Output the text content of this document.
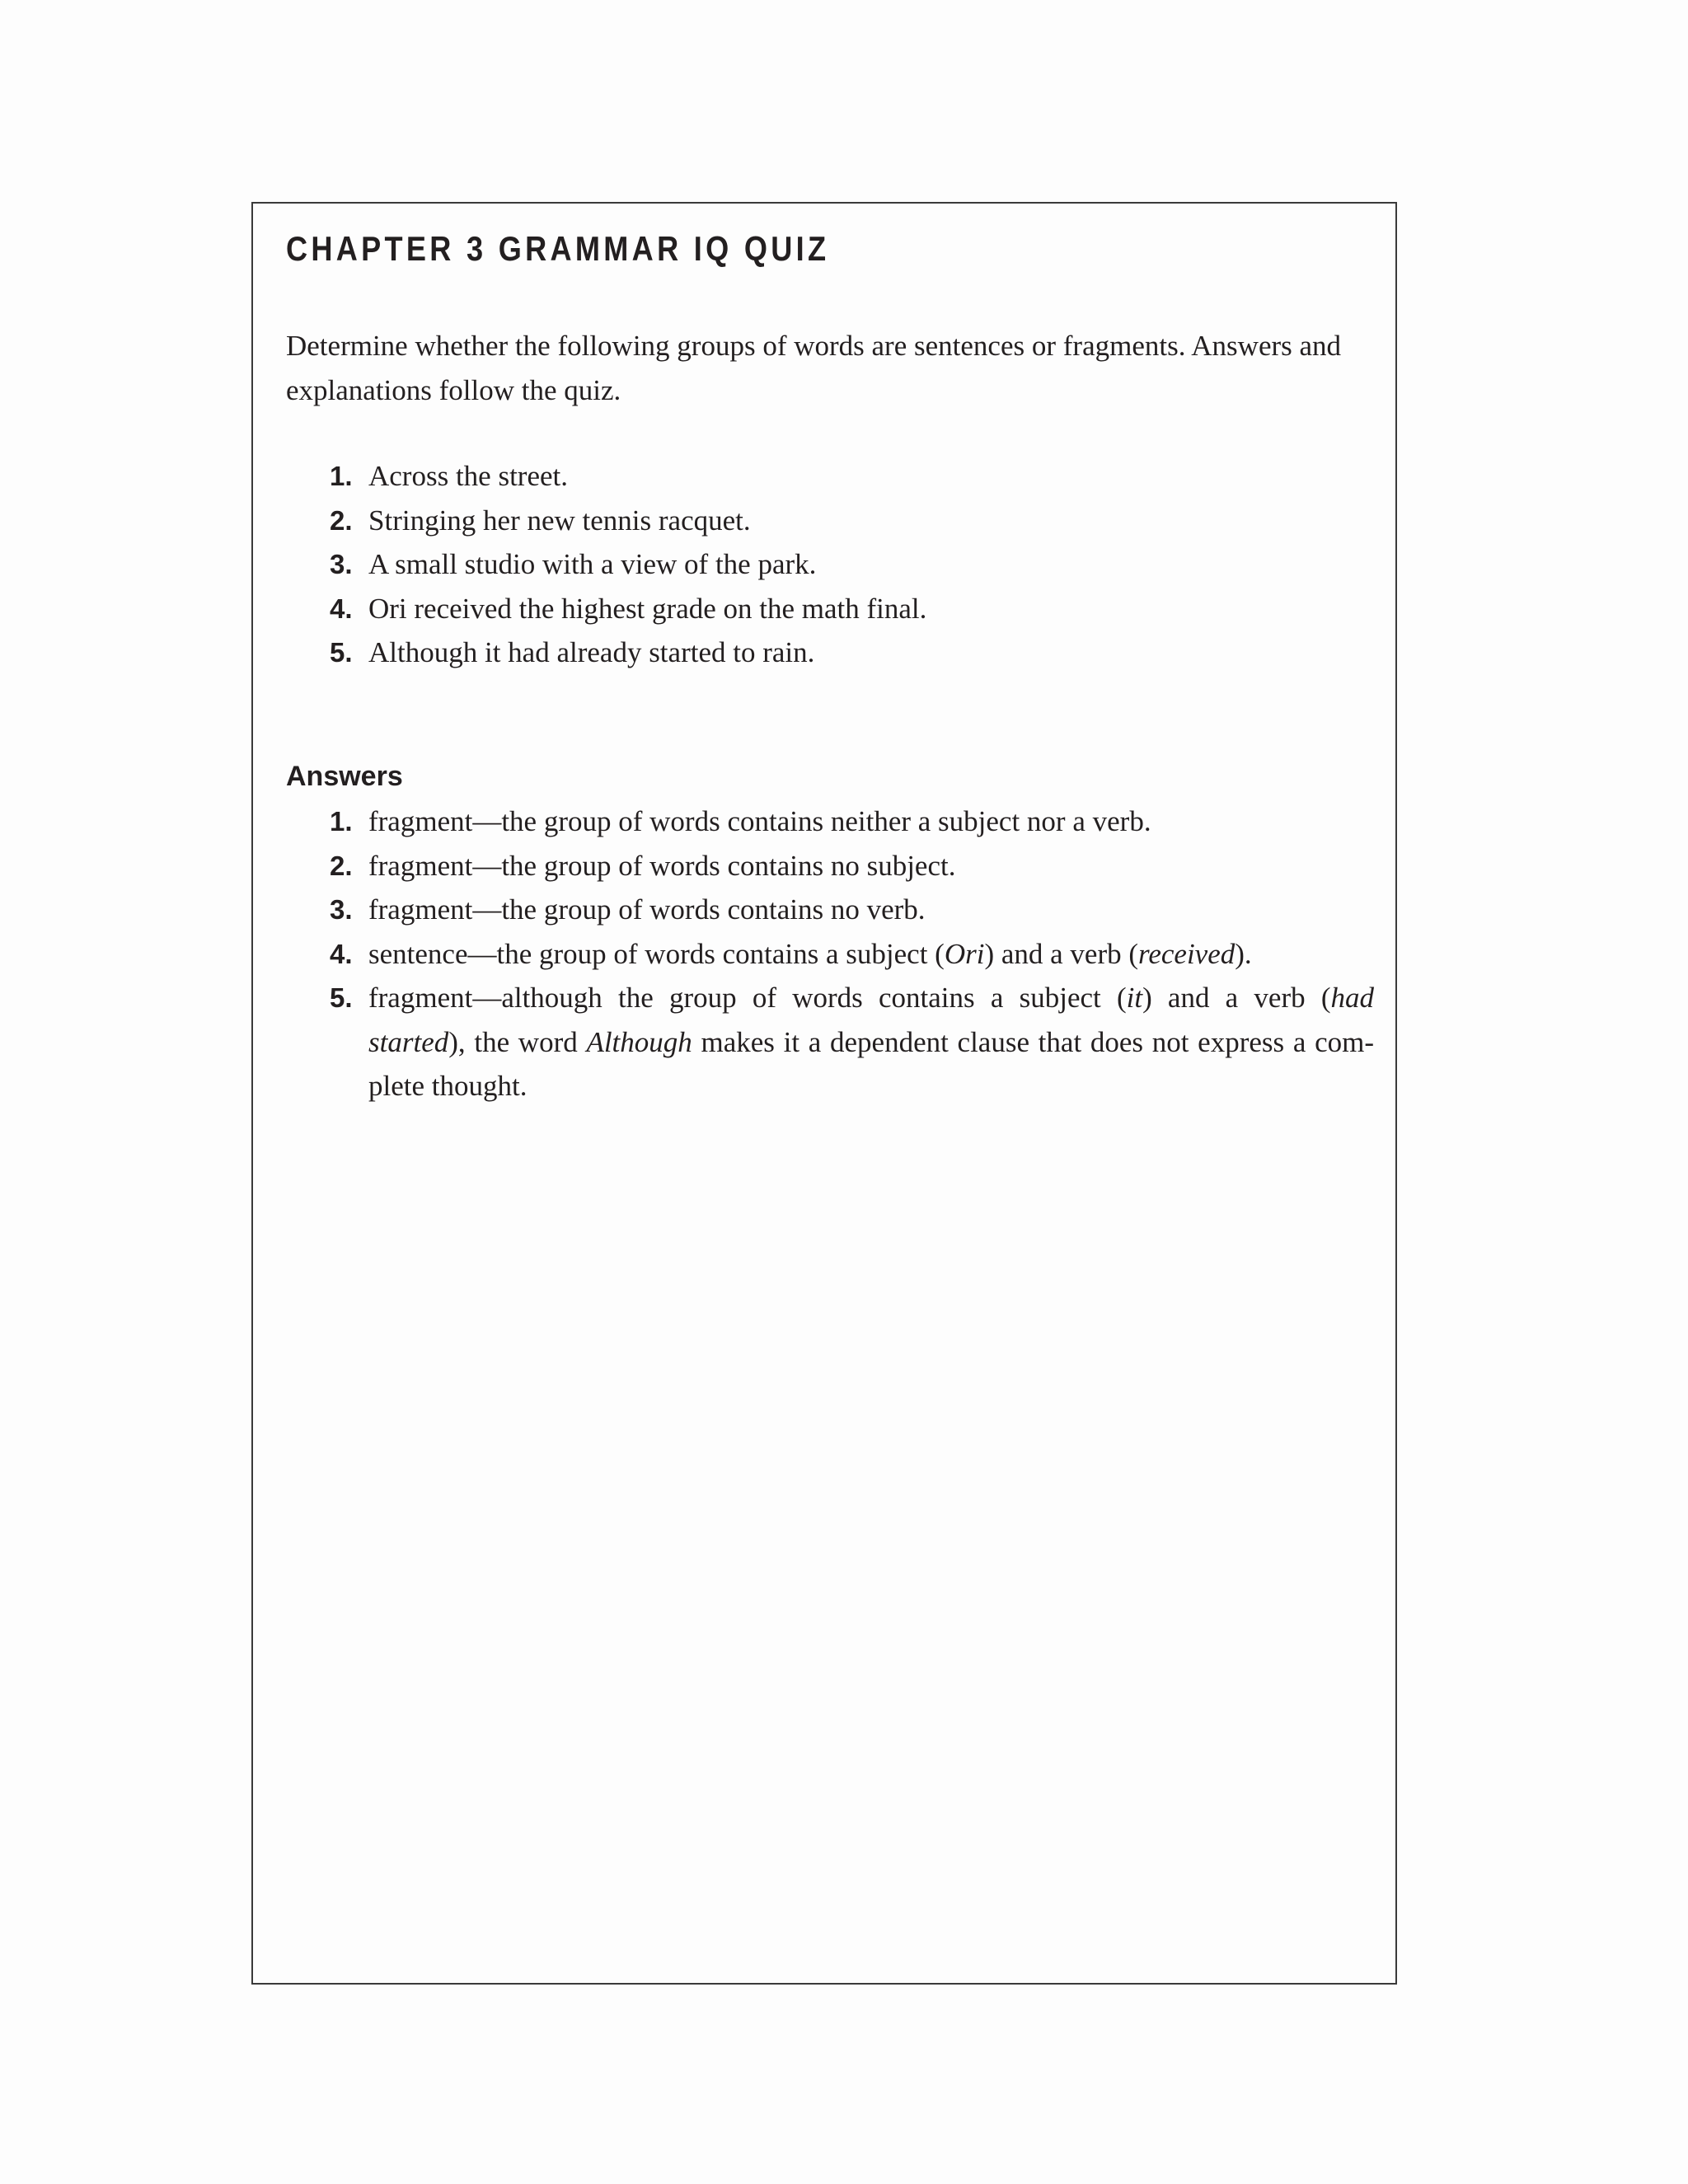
CHAPTER 3 GRAMMAR IQ QUIZ

Determine whether the following groups of words are sentences or fragments. Answers and explanations follow the quiz.

1. Across the street.
2. Stringing her new tennis racquet.
3. A small studio with a view of the park.
4. Ori received the highest grade on the math final.
5. Although it had already started to rain.
Answers
1. fragment—the group of words contains neither a subject nor a verb.
2. fragment—the group of words contains no subject.
3. fragment—the group of words contains no verb.
4. sentence—the group of words contains a subject (Ori) and a verb (received).
5. fragment—although the group of words contains a subject (it) and a verb (had started), the word Although makes it a dependent clause that does not express a com-plete thought.
